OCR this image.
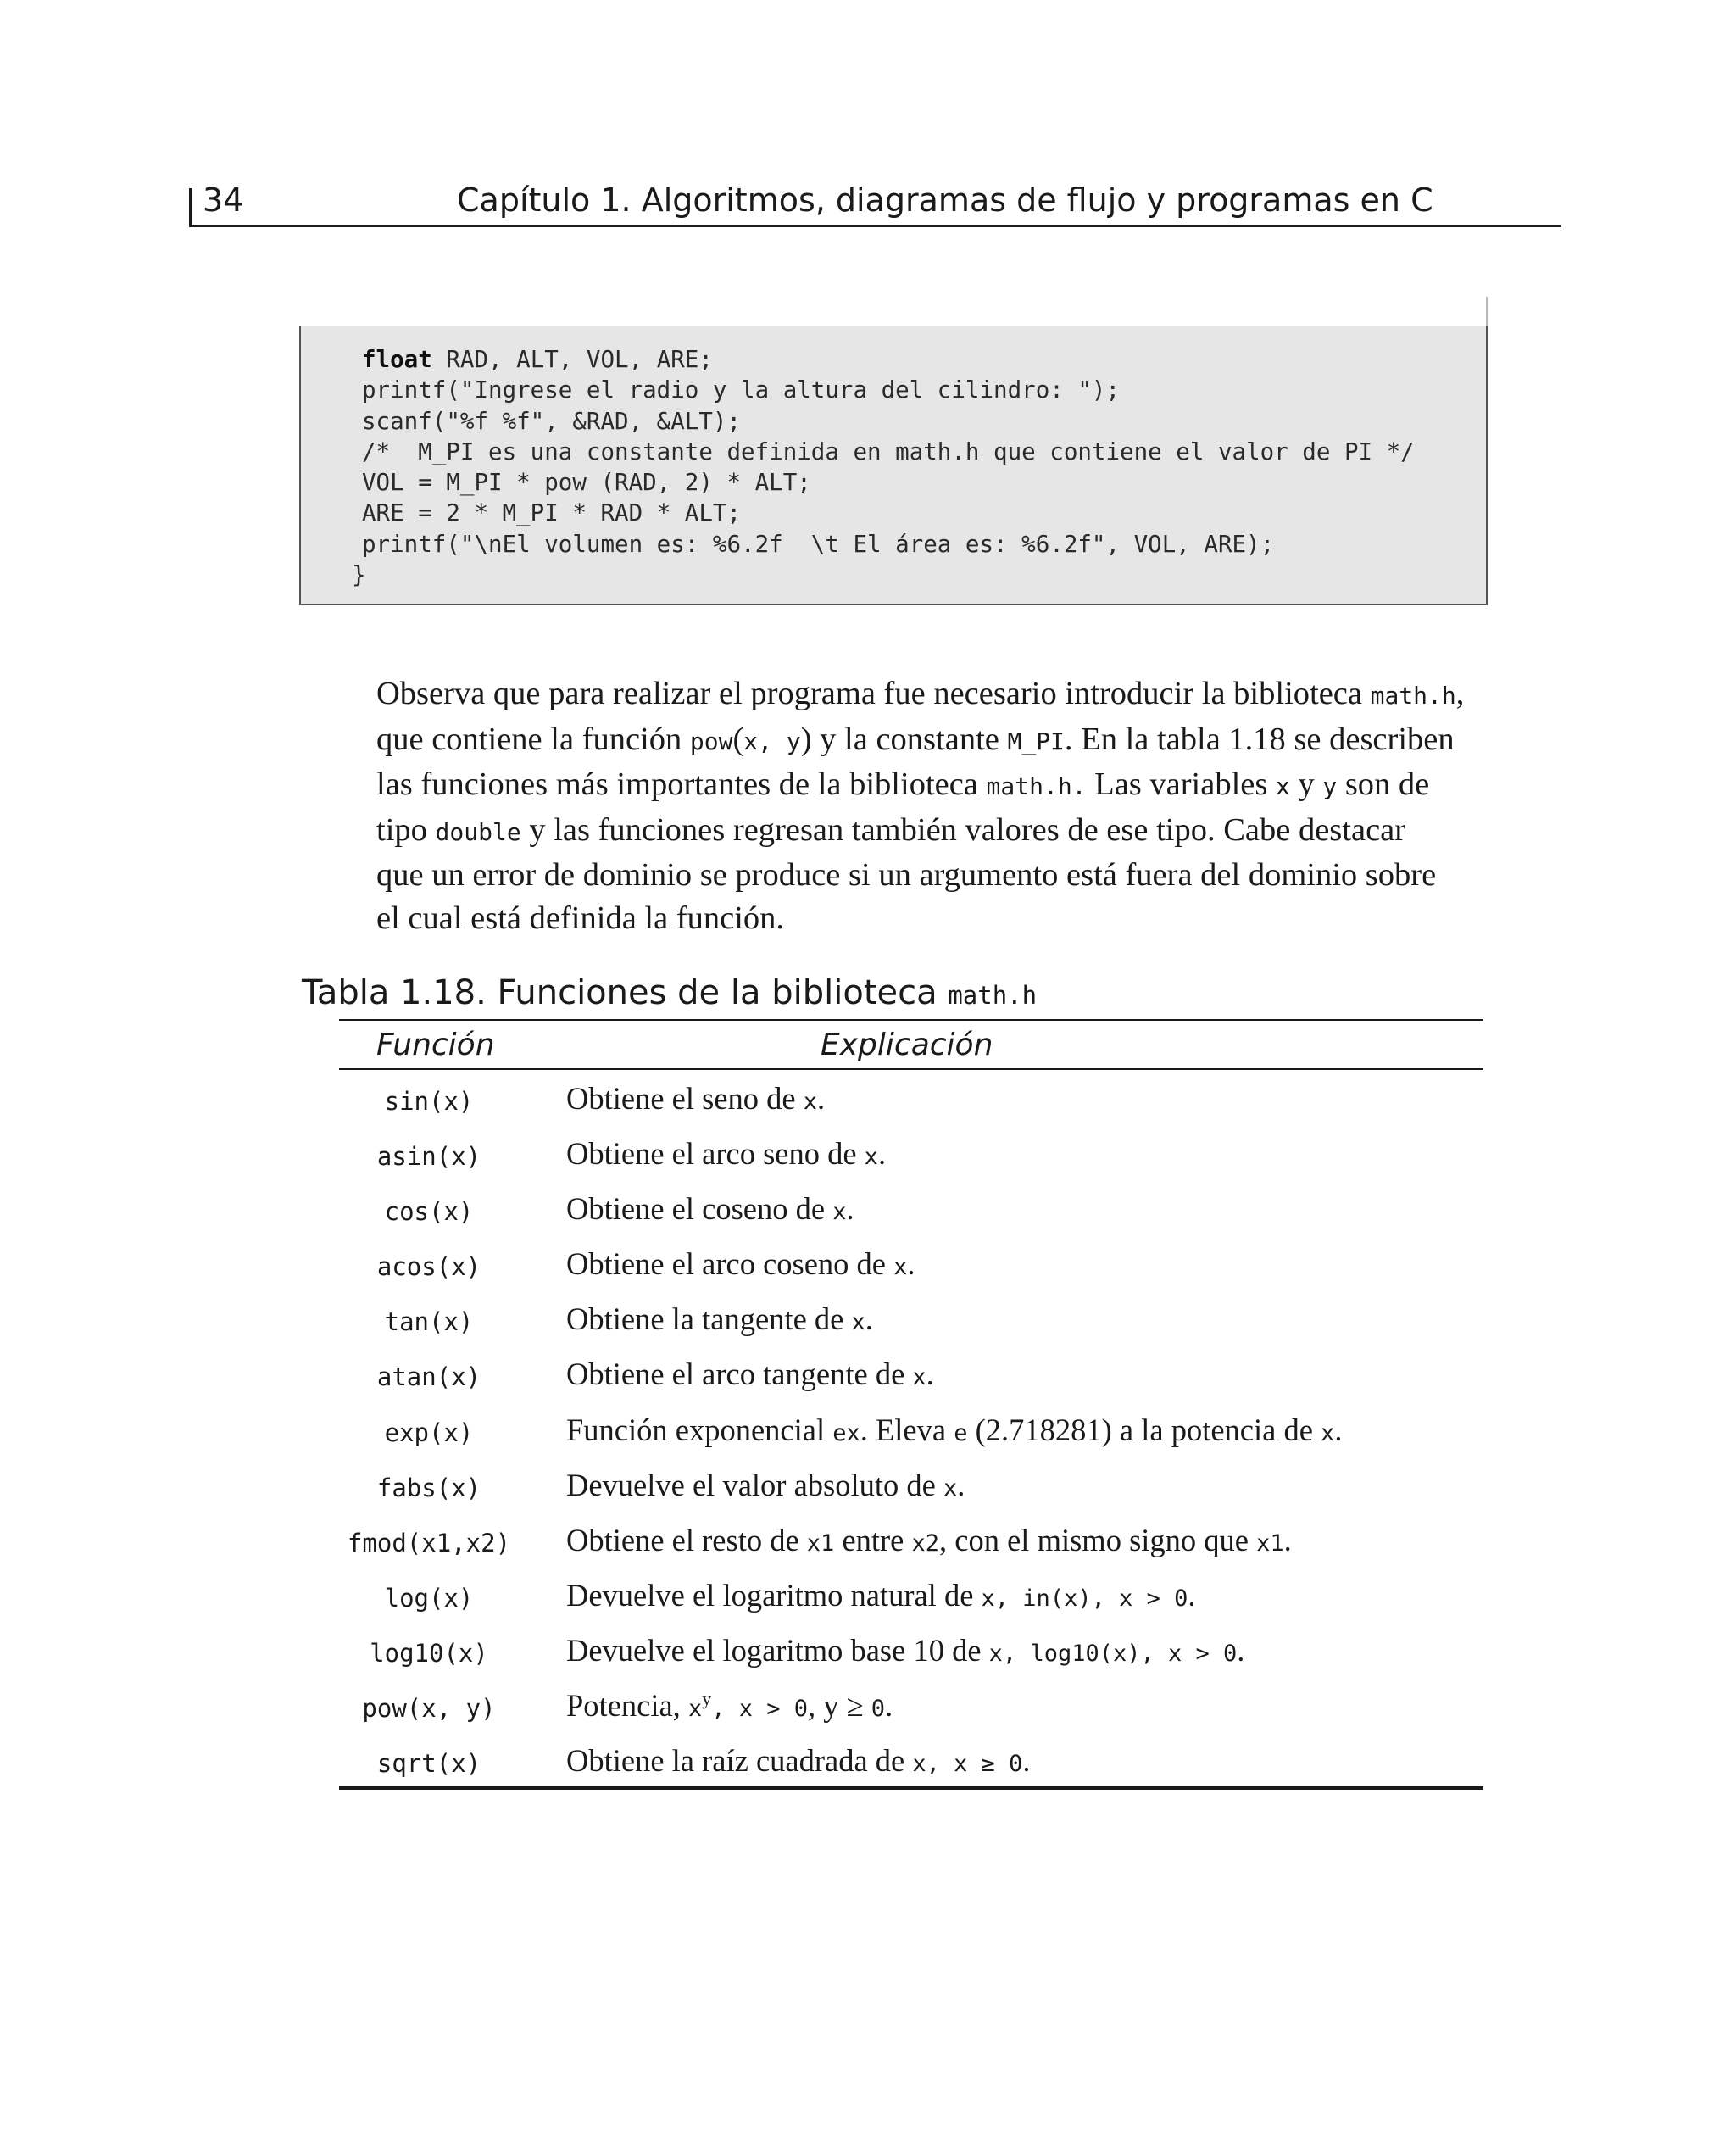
34	Capítulo 1. Algoritmos, diagramas de flujo y programas en C
float RAD, ALT, VOL, ARE;
printf("Ingrese el radio y la altura del cilindro: ");
scanf("%f %f", &RAD, &ALT);
/*  M_PI es una constante definida en math.h que contiene el valor de PI */
VOL = M_PI * pow (RAD, 2) * ALT;
ARE = 2 * M_PI * RAD * ALT;
printf("\nEl volumen es: %6.2f  \t El área es: %6.2f", VOL, ARE);
}

Observa que para realizar el programa fue necesario introducir la biblioteca math.h,
que contiene la función pow(x, y) y la constante M_PI. En la tabla 1.18 se describen
las funciones más importantes de la biblioteca math.h. Las variables x y y son de
tipo double y las funciones regresan también valores de ese tipo. Cabe destacar
que un error de dominio se produce si un argumento está fuera del dominio sobre
el cual está definida la función.

Tabla 1.18. Funciones de la biblioteca math.h
Función	Explicación
sin(x)	Obtiene el seno de x.
asin(x)	Obtiene el arco seno de x.
cos(x)	Obtiene el coseno de x.
acos(x)	Obtiene el arco coseno de x.
tan(x)	Obtiene la tangente de x.
atan(x)	Obtiene el arco tangente de x.
exp(x)	Función exponencial ex. Eleva e (2.718281) a la potencia de x.
fabs(x)	Devuelve el valor absoluto de x.
fmod(x1,x2) Obtiene el resto de x1 entre x2, con el mismo signo que x1.
log(x)	Devuelve el logaritmo natural de x, in(x), x > 0.
log10(x)	Devuelve el logaritmo base 10 de x, log10(x), x > 0.
pow(x, y)	Potencia, $x^y$, x > 0, y ≥ 0.
sqrt(x)	Obtiene la raíz cuadrada de x, x ≥ 0.
